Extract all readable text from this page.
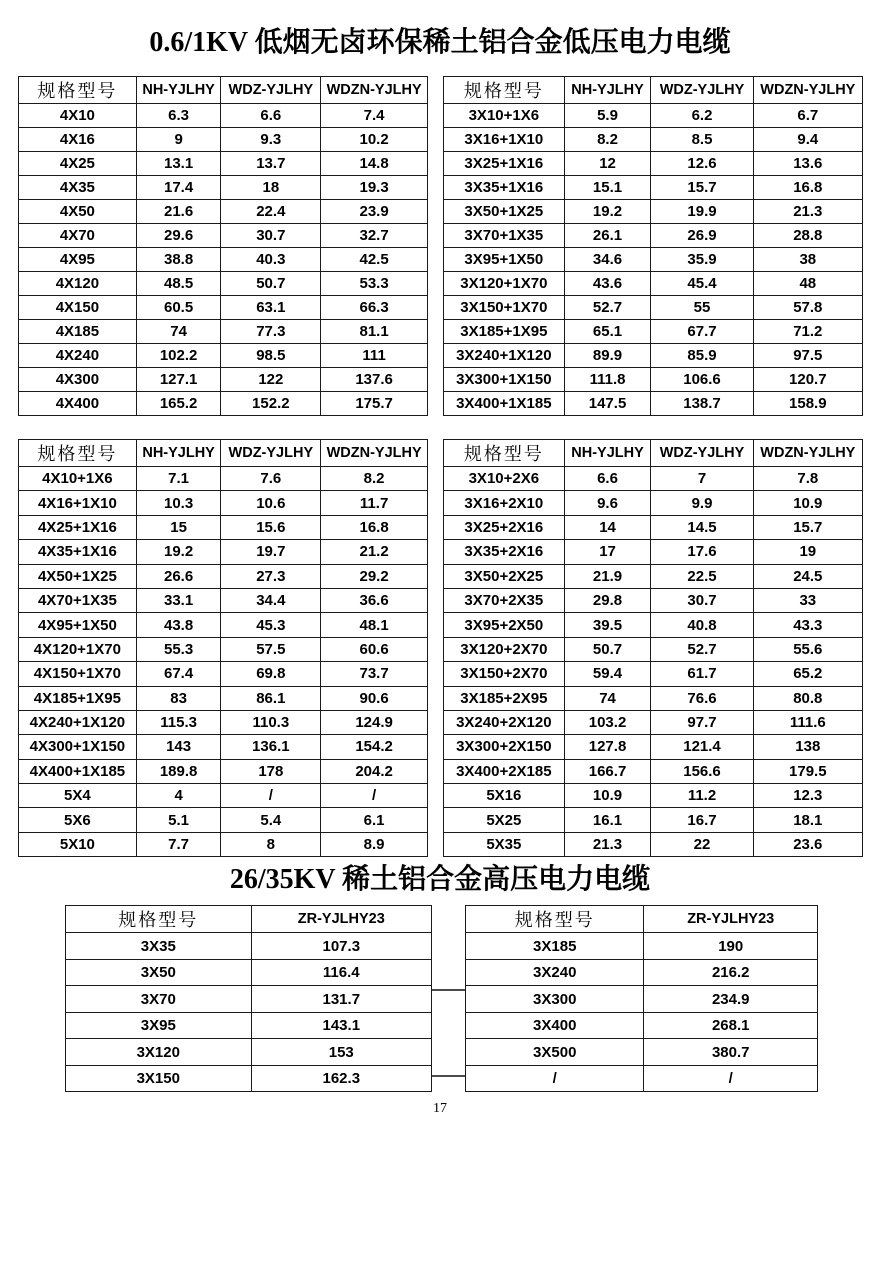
0.6/1KV 低烟无卤环保稀土铝合金低压电力电缆
规格型号	NH-YJLHY	WDZ-YJLHY	WDZN-YJLHY
4X10	6.3	6.6	7.4
4X16	9	9.3	10.2
4X25	13.1	13.7	14.8
4X35	17.4	18	19.3
4X50	21.6	22.4	23.9
4X70	29.6	30.7	32.7
4X95	38.8	40.3	42.5
4X120	48.5	50.7	53.3
4X150	60.5	63.1	66.3
4X185	74	77.3	81.1
4X240	102.2	98.5	111
4X300	127.1	122	137.6
4X400	165.2	152.2	175.7
规格型号	NH-YJLHY	WDZ-YJLHY	WDZN-YJLHY
3X10+1X6	5.9	6.2	6.7
3X16+1X10	8.2	8.5	9.4
3X25+1X16	12	12.6	13.6
3X35+1X16	15.1	15.7	16.8
3X50+1X25	19.2	19.9	21.3
3X70+1X35	26.1	26.9	28.8
3X95+1X50	34.6	35.9	38
3X120+1X70	43.6	45.4	48
3X150+1X70	52.7	55	57.8
3X185+1X95	65.1	67.7	71.2
3X240+1X120	89.9	85.9	97.5
3X300+1X150	111.8	106.6	120.7
3X400+1X185	147.5	138.7	158.9
规格型号	NH-YJLHY	WDZ-YJLHY	WDZN-YJLHY
4X10+1X6	7.1	7.6	8.2
4X16+1X10	10.3	10.6	11.7
4X25+1X16	15	15.6	16.8
4X35+1X16	19.2	19.7	21.2
4X50+1X25	26.6	27.3	29.2
4X70+1X35	33.1	34.4	36.6
4X95+1X50	43.8	45.3	48.1
4X120+1X70	55.3	57.5	60.6
4X150+1X70	67.4	69.8	73.7
4X185+1X95	83	86.1	90.6
4X240+1X120	115.3	110.3	124.9
4X300+1X150	143	136.1	154.2
4X400+1X185	189.8	178	204.2
5X4	4	/	/
5X6	5.1	5.4	6.1
5X10	7.7	8	8.9
规格型号	NH-YJLHY	WDZ-YJLHY	WDZN-YJLHY
3X10+2X6	6.6	7	7.8
3X16+2X10	9.6	9.9	10.9
3X25+2X16	14	14.5	15.7
3X35+2X16	17	17.6	19
3X50+2X25	21.9	22.5	24.5
3X70+2X35	29.8	30.7	33
3X95+2X50	39.5	40.8	43.3
3X120+2X70	50.7	52.7	55.6
3X150+2X70	59.4	61.7	65.2
3X185+2X95	74	76.6	80.8
3X240+2X120	103.2	97.7	111.6
3X300+2X150	127.8	121.4	138
3X400+2X185	166.7	156.6	179.5
5X16	10.9	11.2	12.3
5X25	16.1	16.7	18.1
5X35	21.3	22	23.6
26/35KV 稀土铝合金高压电力电缆
规格型号	ZR-YJLHY23
3X35	107.3
3X50	116.4
3X70	131.7
3X95	143.1
3X120	153
3X150	162.3
规格型号	ZR-YJLHY23
3X185	190
3X240	216.2
3X300	234.9
3X400	268.1
3X500	380.7
/	/
17
